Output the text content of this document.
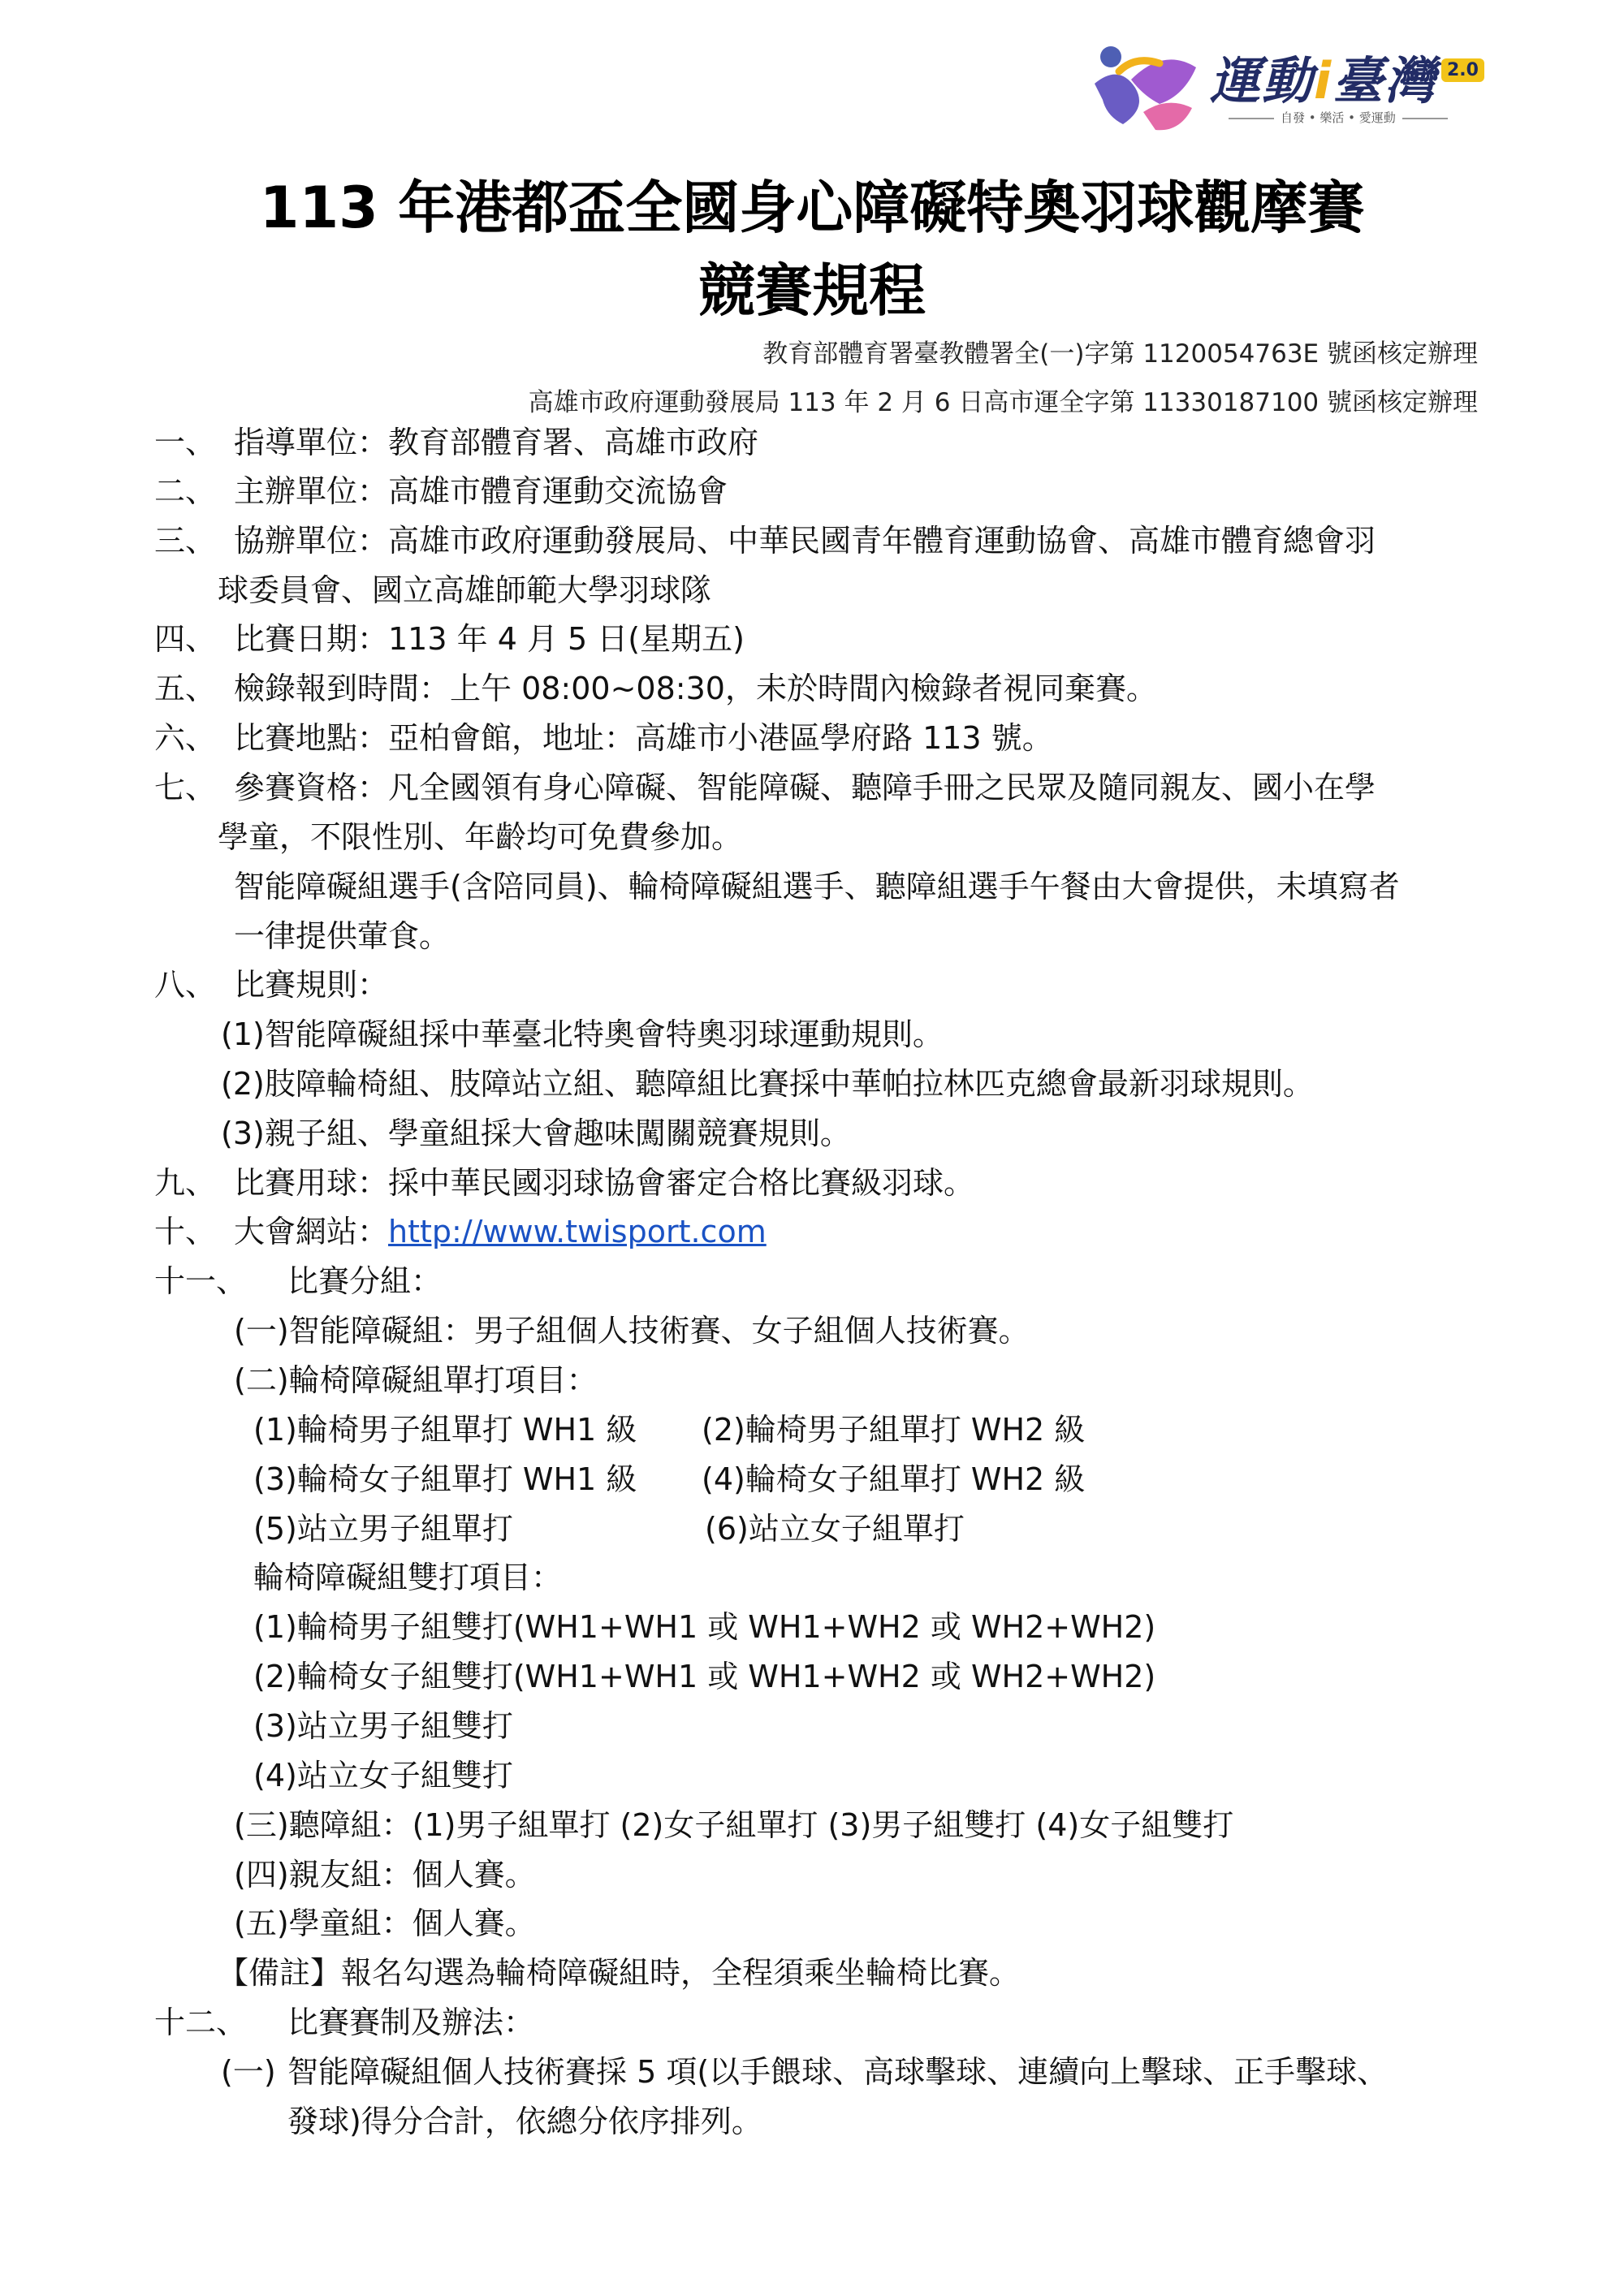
運動i臺灣 2.0
自發 • 樂活 • 愛運動
113 年港都盃全國身心障礙特奧羽球觀摩賽
競賽規程
教育部體育署臺教體署全(一)字第 1120054763E 號函核定辦理
高雄市政府運動發展局 113 年 2 月 6 日高市運全字第 11330187100 號函核定辦理
一、 指導單位：教育部體育署、高雄市政府
二、 主辦單位：高雄市體育運動交流協會
三、 協辦單位：高雄市政府運動發展局、中華民國青年體育運動協會、高雄市體育總會羽
球委員會、國立高雄師範大學羽球隊
四、 比賽日期：113 年 4 月 5 日(星期五)
五、 檢錄報到時間：上午 08:00~08:30，未於時間內檢錄者視同棄賽。
六、 比賽地點：亞柏會館，地址：高雄市小港區學府路 113 號。
七、 參賽資格：凡全國領有身心障礙、智能障礙、聽障手冊之民眾及隨同親友、國小在學
學童，不限性別、年齡均可免費參加。
智能障礙組選手(含陪同員)、輪椅障礙組選手、聽障組選手午餐由大會提供，未填寫者
一律提供葷食。
八、 比賽規則：
(1)智能障礙組採中華臺北特奧會特奧羽球運動規則。
(2)肢障輪椅組、肢障站立組、聽障組比賽採中華帕拉林匹克總會最新羽球規則。
(3)親子組、學童組採大會趣味闖關競賽規則。
九、 比賽用球：採中華民國羽球協會審定合格比賽級羽球。
十、 大會網站：http://www.twisport.com
十一、 比賽分組：
(一)智能障礙組：男子組個人技術賽、女子組個人技術賽。
(二)輪椅障礙組單打項目：
(1)輪椅男子組單打 WH1 級 (2)輪椅男子組單打 WH2 級
(3)輪椅女子組單打 WH1 級 (4)輪椅女子組單打 WH2 級
(5)站立男子組單打	(6)站立女子組單打
輪椅障礙組雙打項目：
(1)輪椅男子組雙打(WH1+WH1 或 WH1+WH2 或 WH2+WH2)
(2)輪椅女子組雙打(WH1+WH1 或 WH1+WH2 或 WH2+WH2)
(3)站立男子組雙打
(4)站立女子組雙打
(三)聽障組：(1)男子組單打 (2)女子組單打 (3)男子組雙打 (4)女子組雙打
(四)親友組：個人賽。
(五)學童組：個人賽。
【備註】報名勾選為輪椅障礙組時，全程須乘坐輪椅比賽。
十二、 比賽賽制及辦法：
(一) 智能障礙組個人技術賽採 5 項(以手餵球、高球擊球、連續向上擊球、正手擊球、
發球)得分合計，依總分依序排列。
